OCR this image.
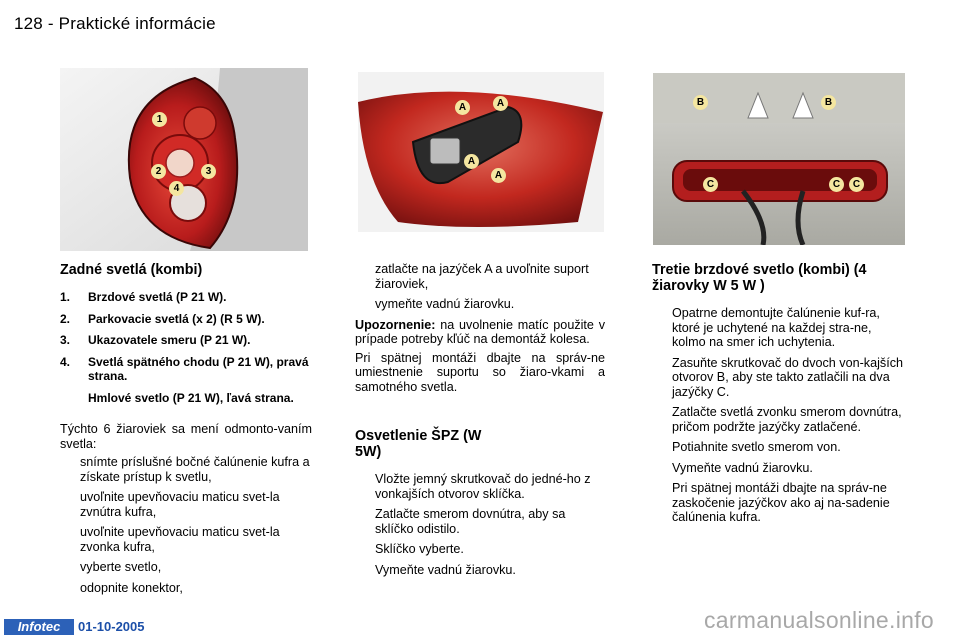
128 - Praktické informácie
1
2	3
4
A	A
A
A
B	B
C	C	C
Zadné svetlá (kombi)
1. Brzdové svetlá (P 21 W).
2. Parkovacie svetlá (x 2) (R 5 W).
3. Ukazovatele smeru (P 21 W).
4. Svetlá spätného chodu (P 21 W), pravá strana.
Hmlové svetlo (P 21 W), ľavá strana.

Týchto 6 žiaroviek sa mení odmonto-vaním svetla:

snímte príslušné bočné čalúnenie kufra a získate prístup k svetlu,
uvoľnite upevňovaciu maticu svet-la zvnútra kufra,
uvoľnite upevňovaciu maticu svet-la zvonka kufra,
vyberte svetlo,
odopnite konektor,
zatlačte na jazýček A a uvoľnite suport žiaroviek,
vymeňte vadnú žiarovku.

Upozornenie: na uvolnenie matíc použite v prípade potreby kľúč na demontáž kolesa.

Pri spätnej montáži dbajte na správ-ne umiestnenie suportu so žiaro-vkami a samotného svetla.

Osvetlenie ŠPZ (W 5W)
Vložte jemný skrutkovač do jedné-ho z vonkajších otvorov sklíčka.
Zatlačte smerom dovnútra, aby sa sklíčko odistilo.
Sklíčko vyberte.
Vymeňte vadnú žiarovku.
Tretie brzdové svetlo (kombi) (4 žiarovky W 5 W )
Opatrne demontujte čalúnenie kuf-ra, ktoré je uchytené na každej stra-ne, kolmo na smer ich uchytenia.
Zasuňte skrutkovač do dvoch von-kajších otvorov B, aby ste takto zatlačili na dva jazýčky C.
Zatlačte svetlá zvonku smerom dovnútra, pričom podržte jazýčky zatlačené.
Potiahnite svetlo smerom von.
Vymeňte vadnú žiarovku.
Pri spätnej montáži dbajte na správ-ne zaskočenie jazýčkov ako aj na-sadenie čalúnenia kufra.
Infotec	01-10-2005	carmanualsonline.info
